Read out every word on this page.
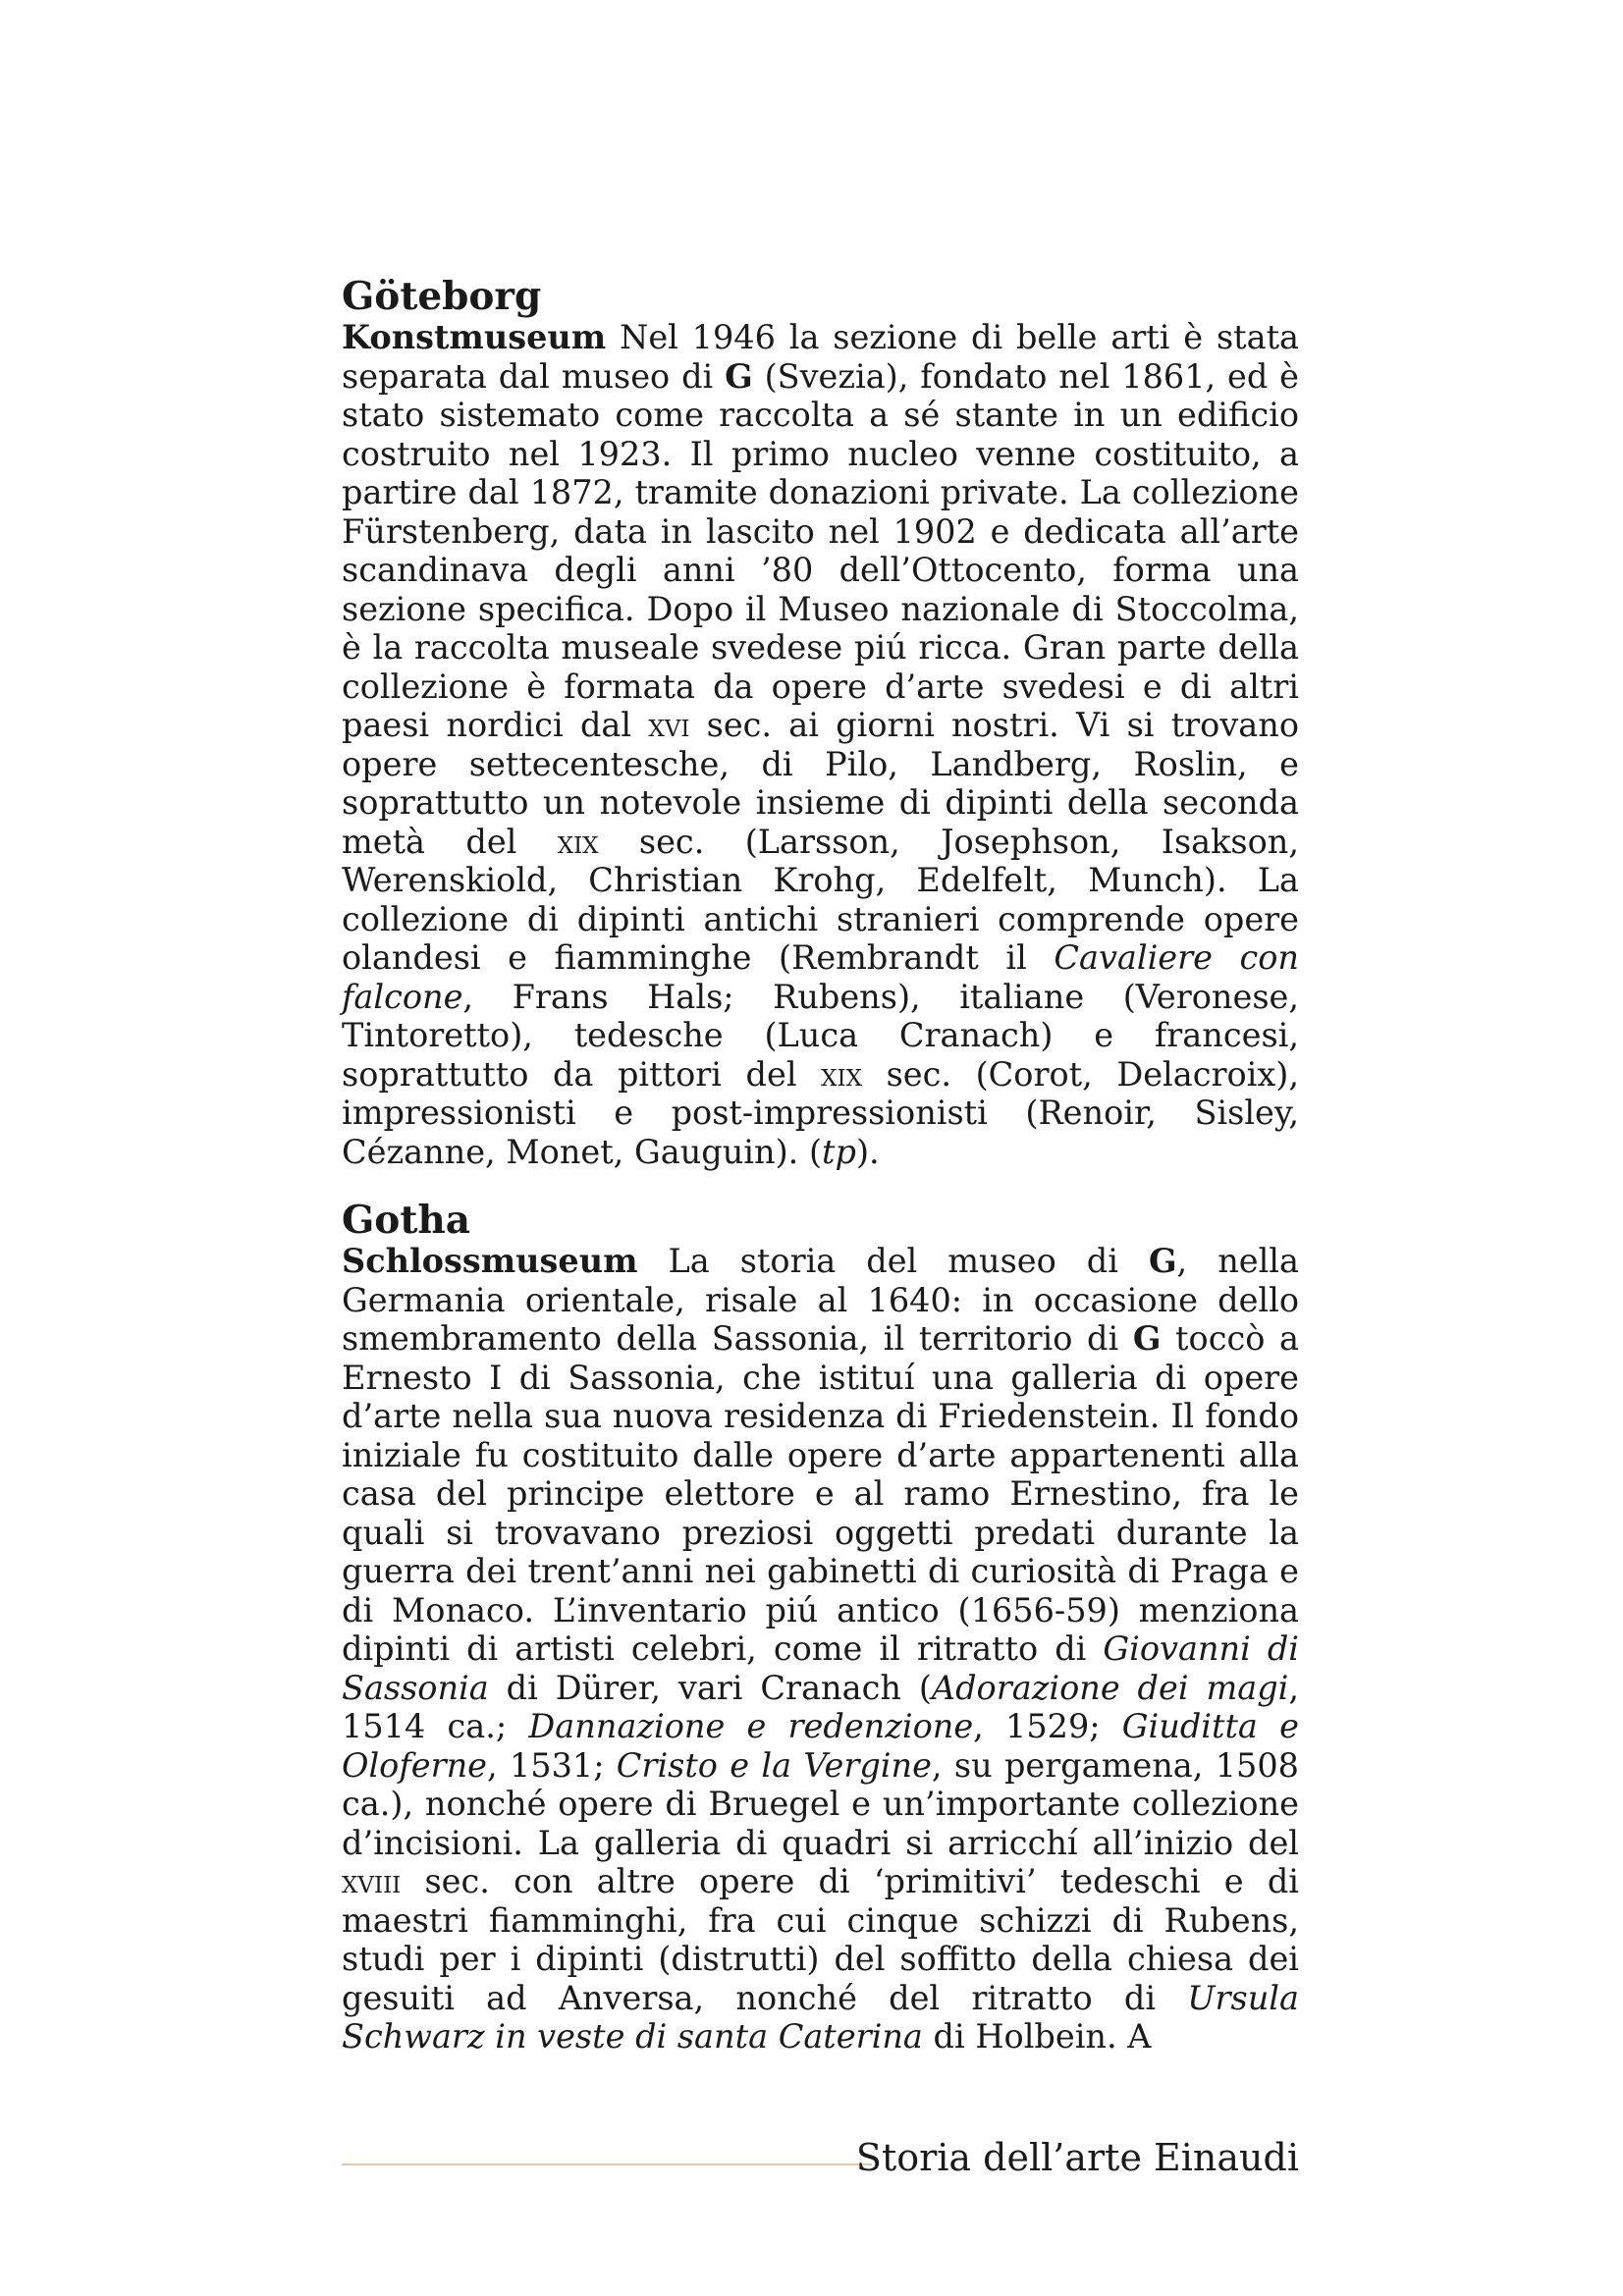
Göteborg

Konstmuseum Nel 1946 la sezione di belle arti è stata separata dal museo di G (Svezia), fondato nel 1861, ed è stato sistemato come raccolta a sé stante in un edificio costruito nel 1923. Il primo nucleo venne costituito, a partire dal 1872, tramite donazioni private. La collezione Fürstenberg, data in lascito nel 1902 e dedicata all’arte scandinava degli anni ’80 dell’Ottocento, forma una sezione specifica. Dopo il Museo nazionale di Stoccolma, è la raccolta museale svedese piú ricca. Gran parte della collezione è formata da opere d’arte svedesi e di altri paesi nordici dal xvi sec. ai giorni nostri. Vi si trovano opere settecentesche, di Pilo, Landberg, Roslin, e soprattutto un notevole insieme di dipinti della seconda metà del xix sec. (Larsson, Josephson, Isakson, Werenskiold, Christian Krohg, Edelfelt, Munch). La collezione di dipinti antichi stranieri comprende opere olandesi e fiamminghe (Rembrandt il Cavaliere con falcone, Frans Hals; Rubens), italiane (Veronese, Tintoretto), tedesche (Luca Cranach) e francesi, soprattutto da pittori del xix sec. (Corot, Delacroix), impressionisti e post-impressionisti (Renoir, Sisley, Cézanne, Monet, Gauguin). (tp).

Gotha

Schlossmuseum La storia del museo di G, nella Germania orientale, risale al 1640: in occasione dello smembramento della Sassonia, il territorio di G toccò a Ernesto I di Sassonia, che istituí una galleria di opere d’arte nella sua nuova residenza di Friedenstein. Il fondo iniziale fu costituito dalle opere d’arte appartenenti alla casa del principe elettore e al ramo Ernestino, fra le quali si trovavano preziosi oggetti predati durante la guerra dei trent’anni nei gabinetti di curiosità di Praga e di Monaco. L’inventario piú antico (1656-59) menziona dipinti di artisti celebri, come il ritratto di Giovanni di Sassonia di Dürer, vari Cranach (Adorazione dei magi, 1514 ca.; Dannazione e redenzione, 1529; Giuditta e Oloferne, 1531; Cristo e la Vergine, su pergamena, 1508 ca.), nonché opere di Bruegel e un’importante collezione d’incisioni. La galleria di quadri si arricchí all’inizio del xviii sec. con altre opere di ‘primitivi’ tedeschi e di maestri fiamminghi, fra cui cinque schizzi di Rubens, studi per i dipinti (distrutti) del soffitto della chiesa dei gesuiti ad Anversa, nonché del ritratto di Ursula Schwarz in veste di santa Caterina di Holbein. A

Storia dell’arte Einaudi
